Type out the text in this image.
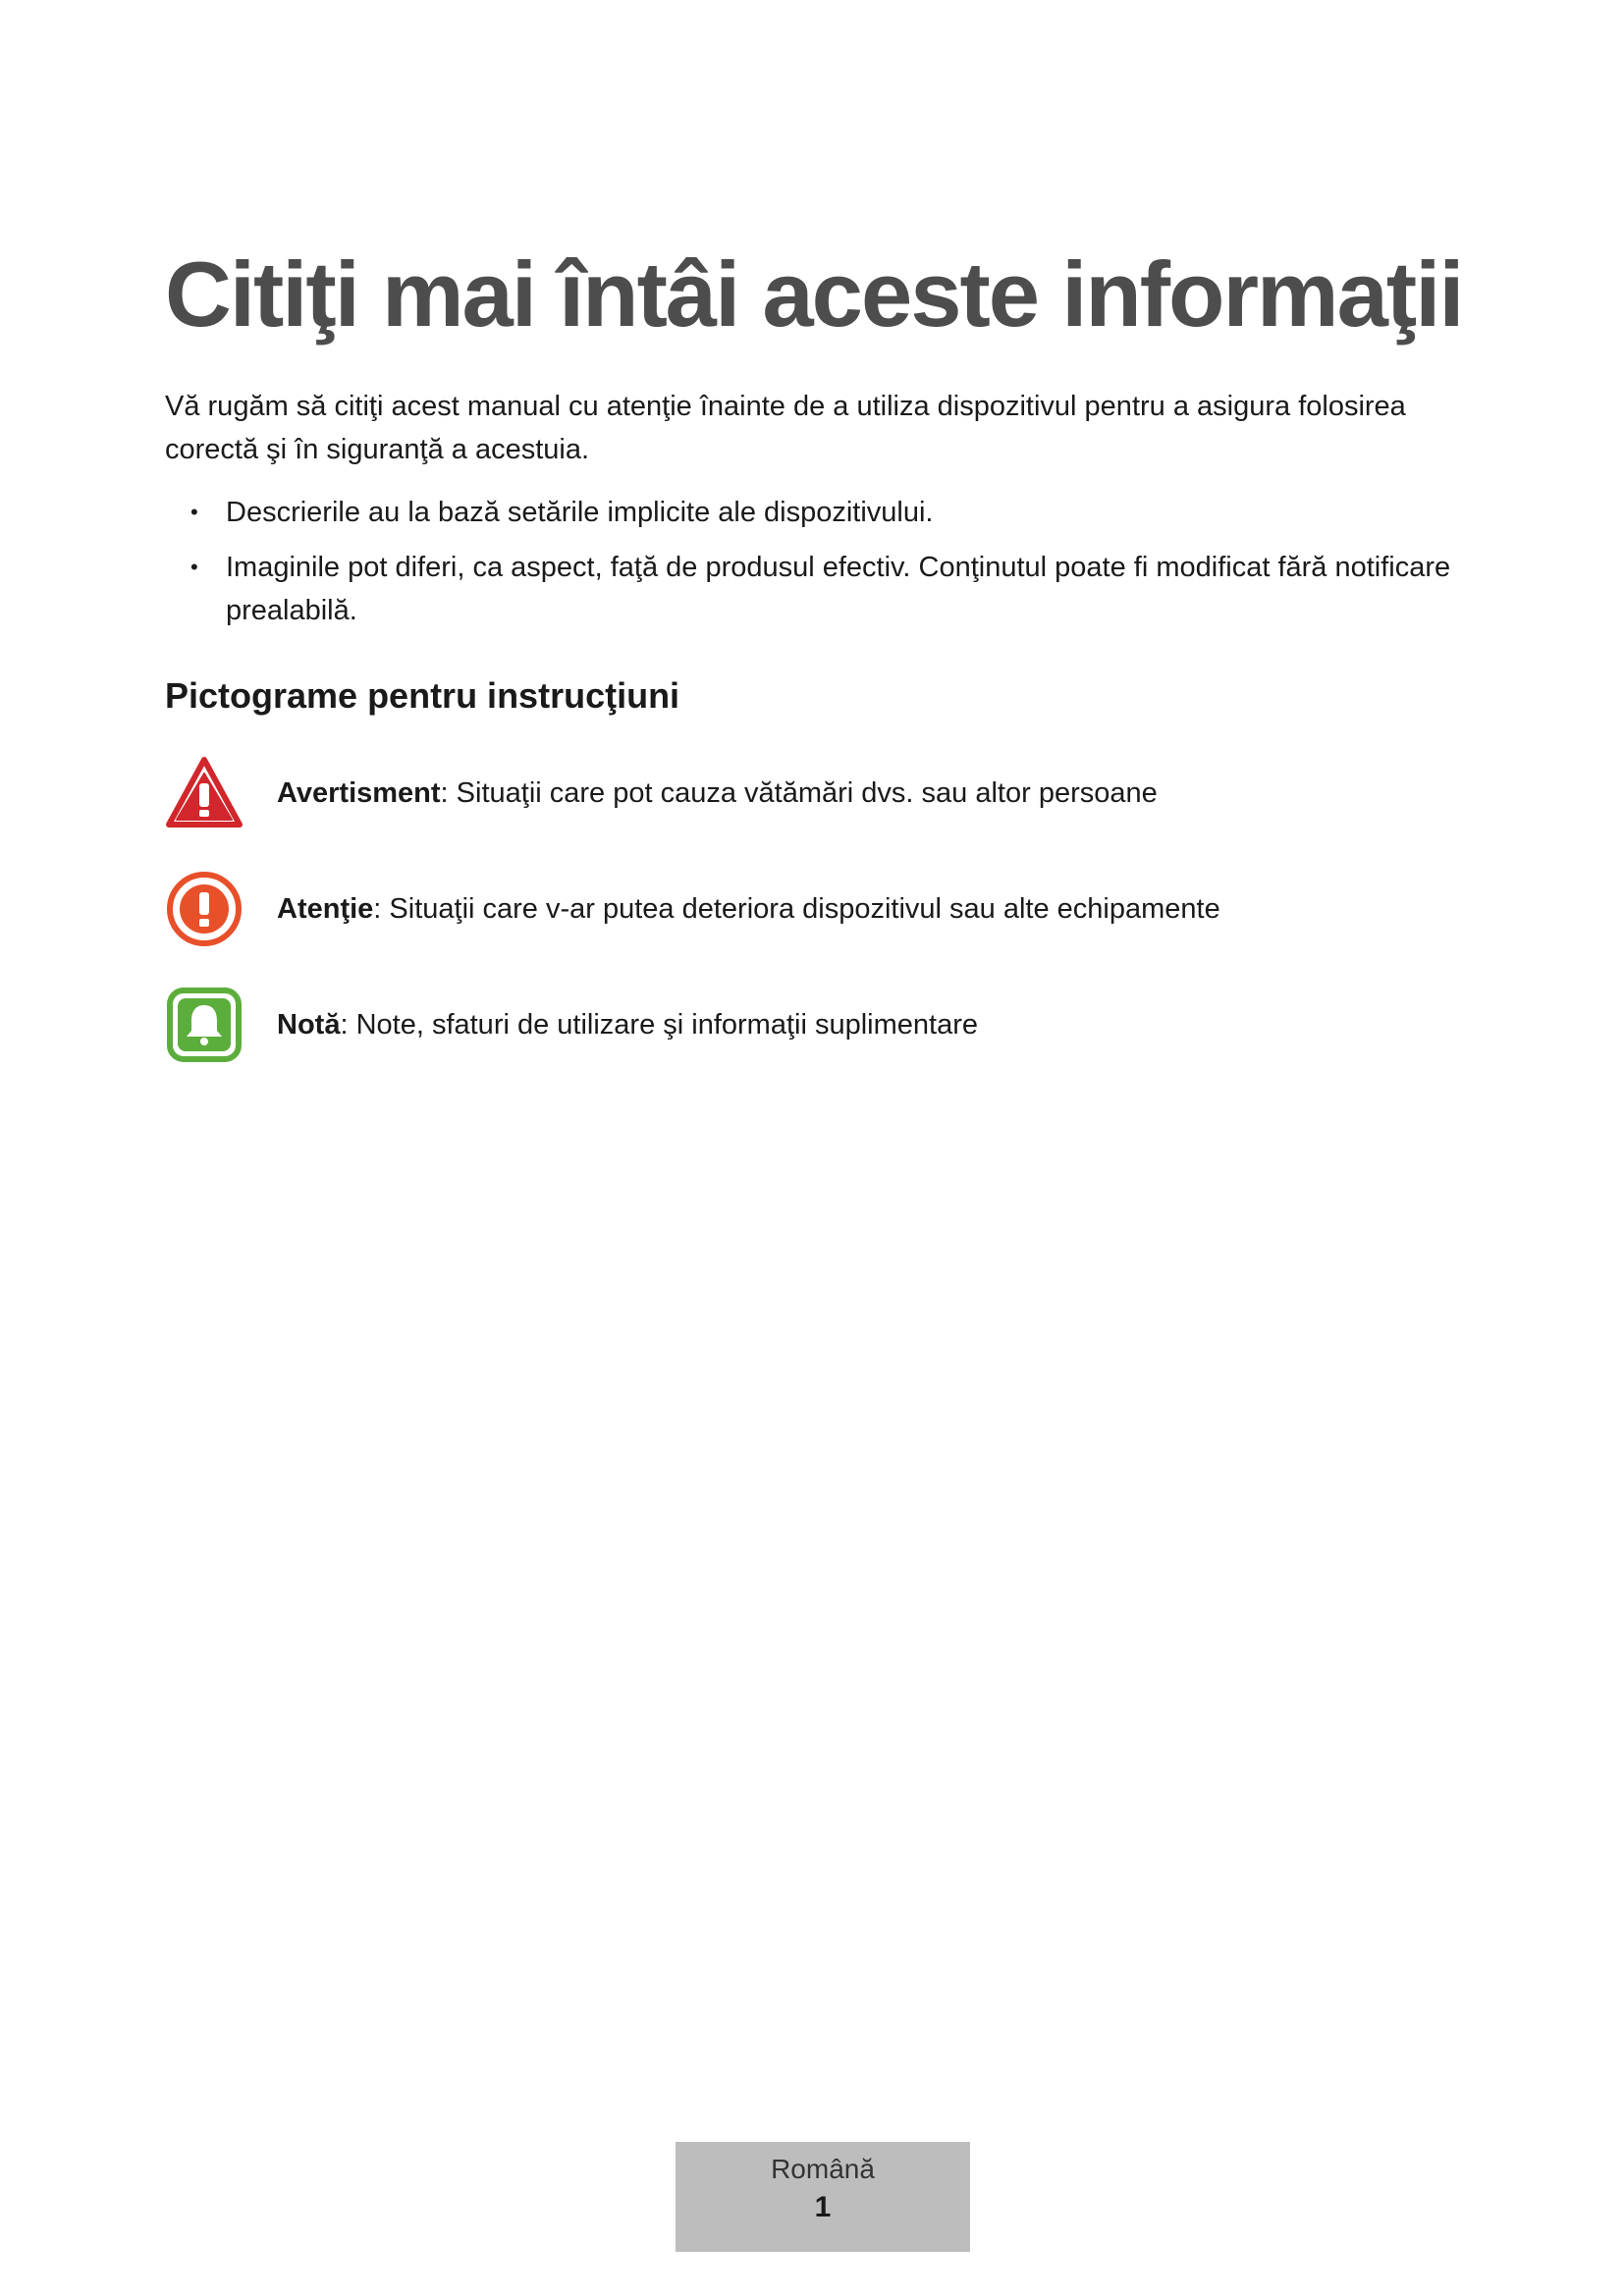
Citiţi mai întâi aceste informaţii

Vă rugăm să citiţi acest manual cu atenţie înainte de a utiliza dispozitivul pentru a asigura folosirea corectă şi în siguranţă a acestuia.

• Descrierile au la bază setările implicite ale dispozitivului.
• Imaginile pot diferi, ca aspect, faţă de produsul efectiv. Conţinutul poate fi modificat fără notificare prealabilă.
Pictograme pentru instrucţiuni
Avertisment: Situaţii care pot cauza vătămări dvs. sau altor persoane
Atenţie: Situaţii care v-ar putea deteriora dispozitivul sau alte echipamente
Notă: Note, sfaturi de utilizare şi informaţii suplimentare
Română
1
